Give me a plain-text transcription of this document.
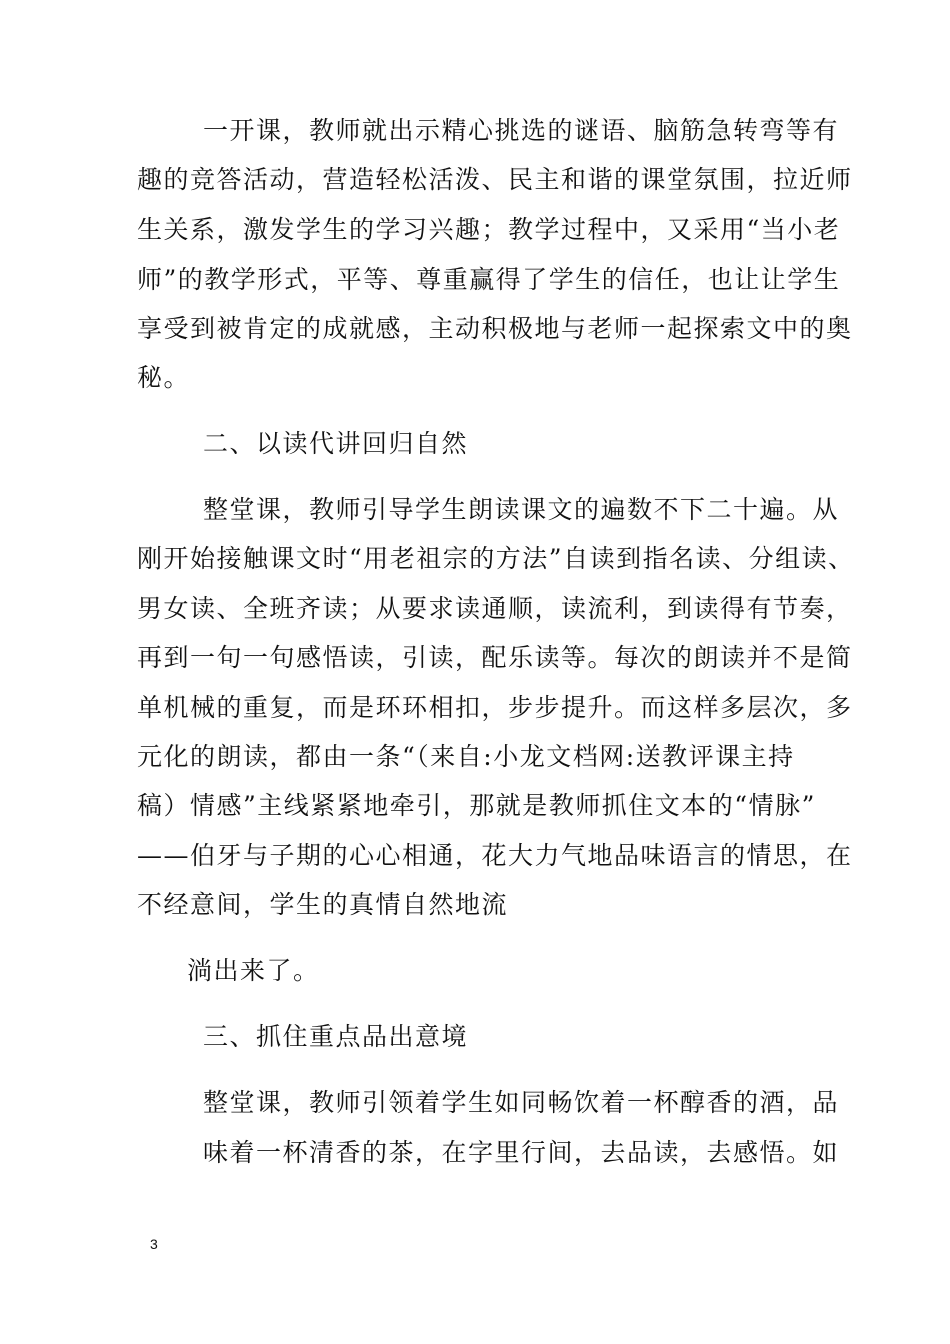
一开课，教师就出示精心挑选的谜语、脑筋急转弯等有
趣的竞答活动，营造轻松活泼、民主和谐的课堂氛围，拉近师
生关系，激发学生的学习兴趣；教学过程中，又采用“当小老
师”的教学形式，平等、尊重赢得了学生的信任，也让让学生
享受到被肯定的成就感，主动积极地与老师一起探索文中的奥
秘。
二、以读代讲回归自然
整堂课，教师引导学生朗读课文的遍数不下二十遍。从
刚开始接触课文时“用老祖宗的方法”自读到指名读、分组读、
男女读、全班齐读；从要求读通顺，读流利，到读得有节奏，
再到一句一句感悟读，引读，配乐读等。每次的朗读并不是简
单机械的重复，而是环环相扣，步步提升。而这样多层次，多
元化的朗读，都由一条“（来自:小龙文档网:送教评课主持
稿）情感”主线紧紧地牵引，那就是教师抓住文本的“情脉”
——伯牙与子期的心心相通，花大力气地品味语言的情思，在
不经意间，学生的真情自然地流
淌出来了。
三、抓住重点品出意境
整堂课，教师引领着学生如同畅饮着一杯醇香的酒，品
味着一杯清香的茶，在字里行间，去品读，去感悟。如
3
